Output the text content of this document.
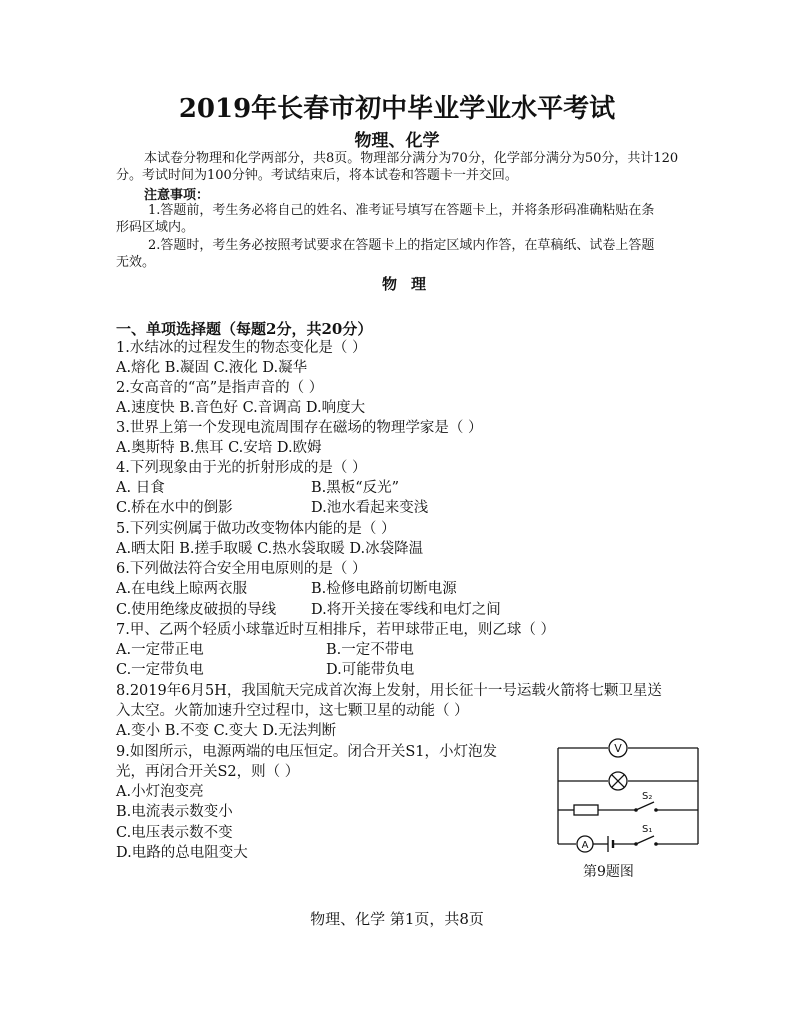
2019年长春市初中毕业学业水平考试
物理、化学
本试卷分物理和化学两部分，共8页。物理部分满分为70分，化学部分满分为50分，共计120
分。考试时间为100分钟。考试结束后，将本试卷和答题卡一并交回。
注意事项：
1.答题前，考生务必将自己的姓名、准考证号填写在答题卡上，并将条形码准确粘贴在条
形码区域内。
2.答题时，考生务必按照考试要求在答题卡上的指定区域内作答，在草稿纸、试卷上答题
无效。
物理
一、单项选择题（每题2分，共20分）
1.水结冰的过程发生的物态变化是（ ）
A.熔化 B.凝固 C.液化 D.凝华
2.女高音的“高”是指声音的（ ）
A.速度快 B.音色好 C.音调高 D.响度大
3.世界上第一个发现电流周围存在磁场的物理学家是（ ）
A.奥斯特 B.焦耳 C.安培 D.欧姆
4.下列现象由于光的折射形成的是（ ）
A. 日食	B.黑板“反光”
C.桥在水中的倒影	D.池水看起来变浅
5.下列实例属于做功改变物体内能的是（ ）
A.晒太阳 B.搓手取暖 C.热水袋取暖 D.冰袋降温
6.下列做法符合安全用电原则的是（ ）
A.在电线上晾两衣服	B.检修电路前切断电源
C.使用绝缘皮破损的导线 D.将开关接在零线和电灯之间
7.甲、乙两个轻质小球靠近时互相排斥，若甲球带正电，则乙球（ ）
A.一定带正电	B.一定不带电
C.一定带负电	D.可能带负电
8.2019年6月5H，我国航天完成首次海上发射，用长征十一号运载火箭将七颗卫星送
入太空。火箭加速升空过程巾，这七颗卫星的动能（ ）
A.变小 B.不变 C.变大 D.无法判断
9.如图所示，电源两端的电压恒定。闭合开关S1，小灯泡发
光，再闭合开关S2，则（ ）
A.小灯泡变亮
B.电流表示数变小
C.电压表示数不变
D.电路的总电阻变大
V
A
S₂
S₁
第9题图
物理、化学 第1页，共8页
